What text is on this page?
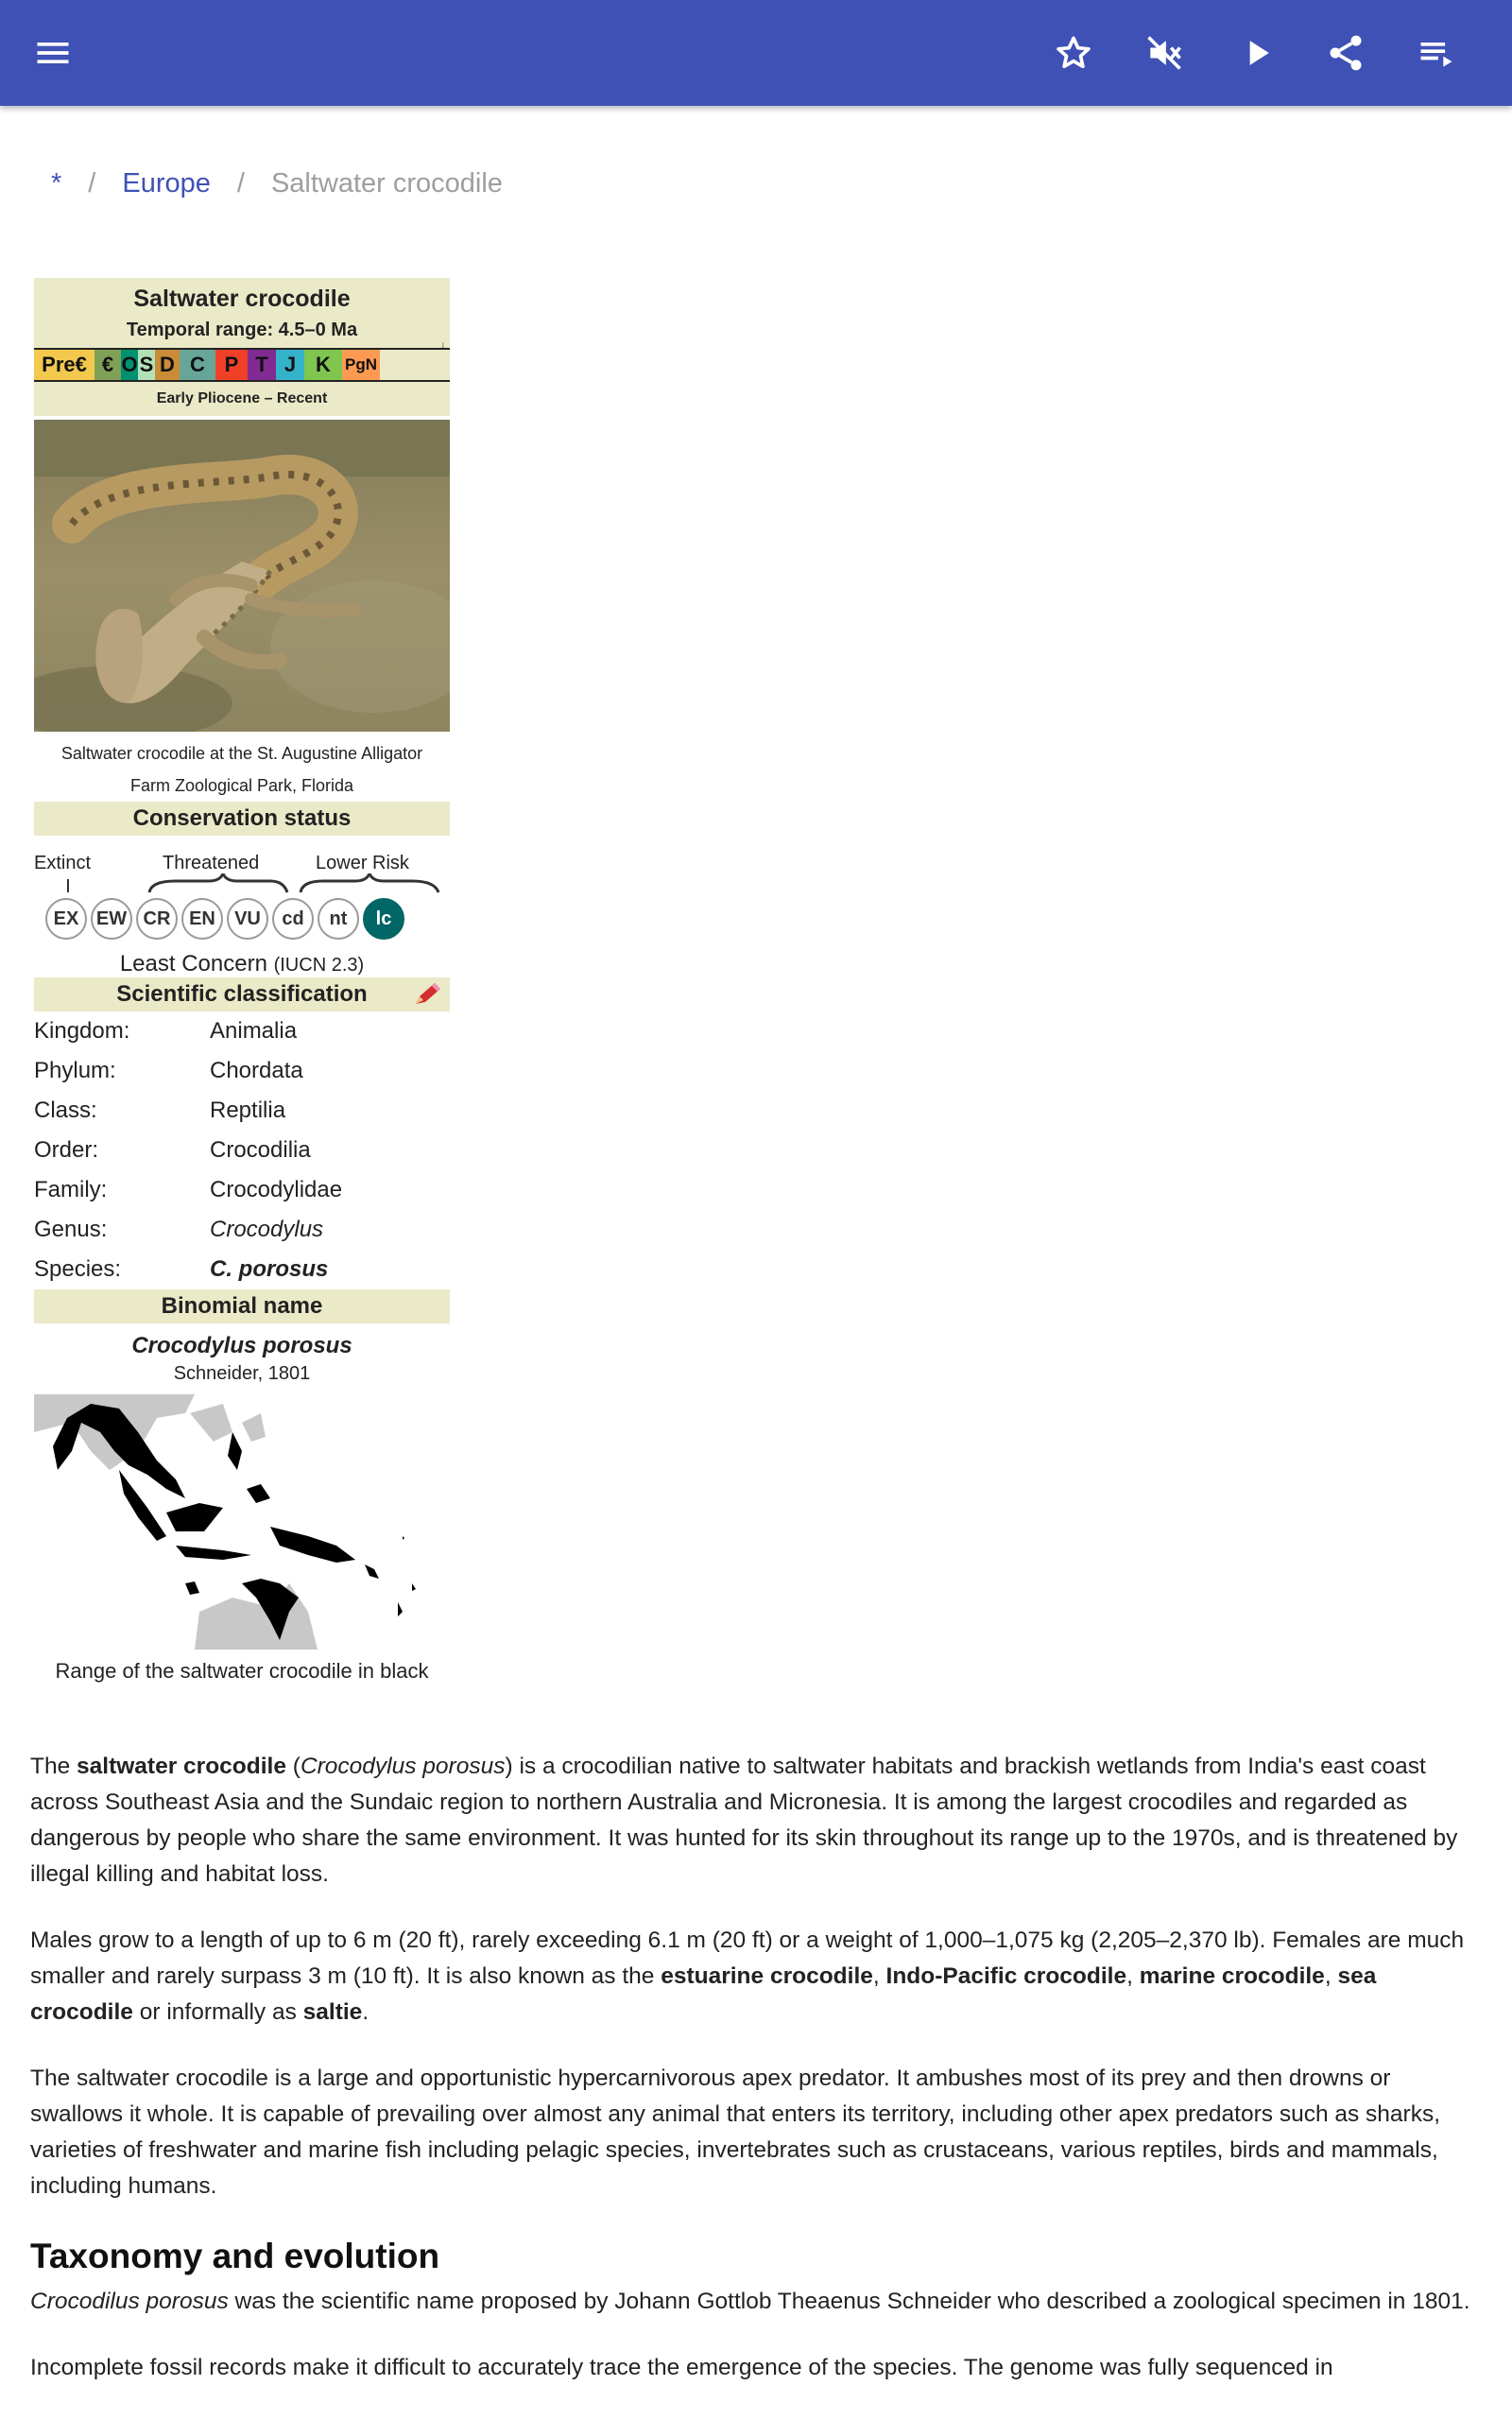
* / Europe / Saltwater crocodile
Saltwater crocodile
Temporal range: 4.5–0 Ma
Pre€ € O S D C P T J K PgN
↓
Early Pliocene – Recent
Saltwater crocodile at the St. Augustine Alligator Farm Zoological Park, Florida
Conservation status
Extinct	Threatened	Lower Risk
EX EW CR EN	VU	cd	nt	lc
Least Concern (IUCN 2.3)
Scientific classification
Kingdom:	Animalia
Phylum:	Chordata
Class:	Reptilia
Order:	Crocodilia
Family:	Crocodylidae
Genus:	Crocodylus
Species:	C. porosus
Binomial name
Crocodylus porosus
Schneider, 1801
Range of the saltwater crocodile in black

The saltwater crocodile (Crocodylus porosus) is a crocodilian native to saltwater habitats and brackish wetlands from India's east coast across Southeast Asia and the Sundaic region to northern Australia and Micronesia. It is among the largest crocodiles and regarded as dangerous by people who share the same environment. It was hunted for its skin throughout its range up to the 1970s, and is threatened by illegal killing and habitat loss.

Males grow to a length of up to 6 m (20 ft), rarely exceeding 6.1 m (20 ft) or a weight of 1,000–1,075 kg (2,205–2,370 lb). Females are much smaller and rarely surpass 3 m (10 ft). It is also known as the estuarine crocodile, Indo-Pacific crocodile, marine crocodile, sea crocodile or informally as saltie.

The saltwater crocodile is a large and opportunistic hypercarnivorous apex predator. It ambushes most of its prey and then drowns or swallows it whole. It is capable of prevailing over almost any animal that enters its territory, including other apex predators such as sharks, varieties of freshwater and marine fish including pelagic species, invertebrates such as crustaceans, various reptiles, birds and mammals, including humans.

Taxonomy and evolution

Crocodilus porosus was the scientific name proposed by Johann Gottlob Theaenus Schneider who described a zoological specimen in 1801.

Incomplete fossil records make it difficult to accurately trace the emergence of the species. The genome was fully sequenced in
